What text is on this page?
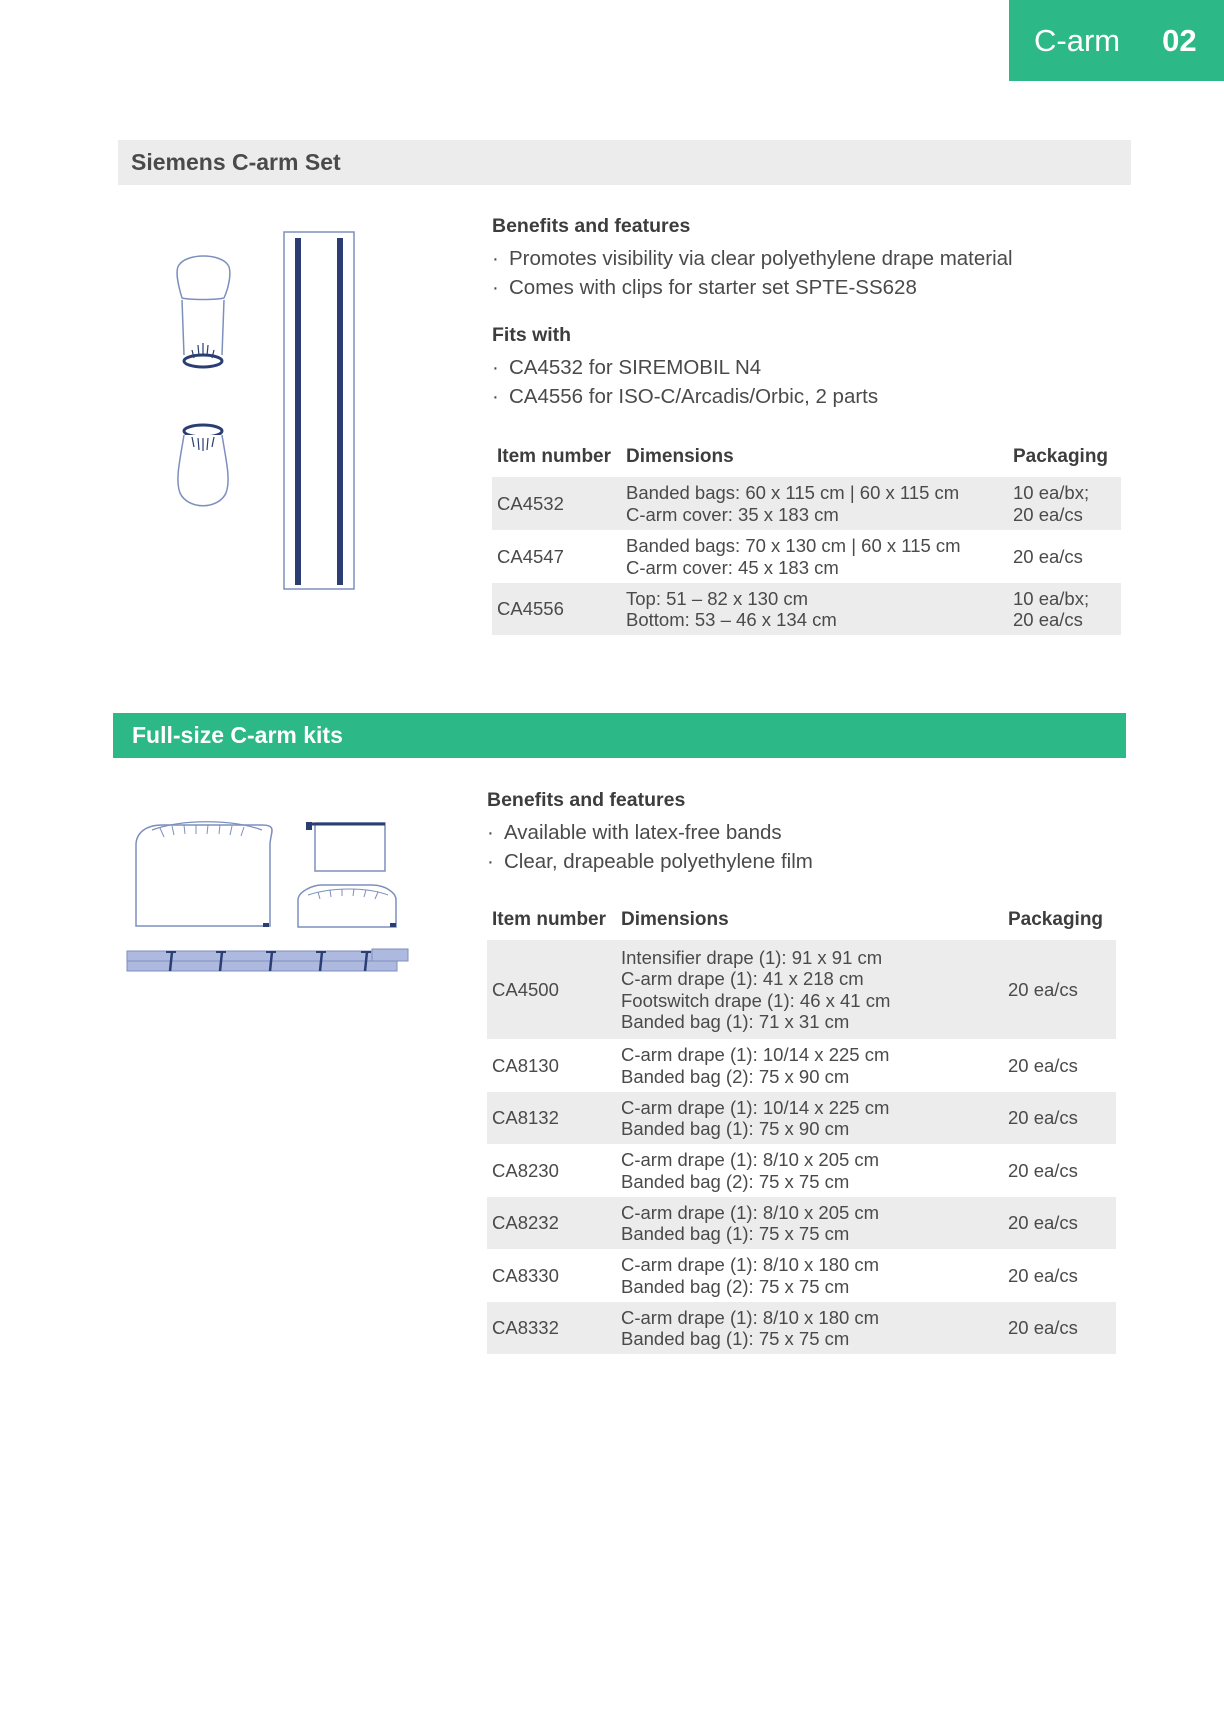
C-arm 02
Siemens C-arm Set
Benefits and features
· Promotes visibility via clear polyethylene drape material
· Comes with clips for starter set SPTE-SS628
Fits with
· CA4532 for SIREMOBIL N4
· CA4556 for ISO-C/Arcadis/Orbic, 2 parts
Item number	Dimensions	Packaging
CA4532	Banded bags: 60 x 115 cm | 60 x 115 cm
C-arm cover: 35 x 183 cm	10 ea/bx;
20 ea/cs

CA4547	Banded bags: 70 x 130 cm | 60 x 115 cm
C-arm cover: 45 x 183 cm	20 ea/cs

CA4556	Top: 51 – 82 x 130 cm
Bottom: 53 – 46 x 134 cm	10 ea/bx;
20 ea/cs
Full-size C-arm kits
Benefits and features
· Available with latex-free bands
· Clear, drapeable polyethylene film
Item number	Dimensions	Packaging
CA4500	Intensifier drape (1): 91 x 91 cm
C-arm drape (1): 41 x 218 cm
Footswitch drape (1): 46 x 41 cm
Banded bag (1): 71 x 31 cm	20 ea/cs

CA8130	C-arm drape (1): 10/14 x 225 cm
Banded bag (2): 75 x 90 cm	20 ea/cs

CA8132	C-arm drape (1): 10/14 x 225 cm
Banded bag (1): 75 x 90 cm	20 ea/cs

CA8230	C-arm drape (1): 8/10 x 205 cm
Banded bag (2): 75 x 75 cm	20 ea/cs

CA8232	C-arm drape (1): 8/10 x 205 cm
Banded bag (1): 75 x 75 cm	20 ea/cs

CA8330	C-arm drape (1): 8/10 x 180 cm
Banded bag (2): 75 x 75 cm	20 ea/cs

CA8332	C-arm drape (1): 8/10 x 180 cm
Banded bag (1): 75 x 75 cm	20 ea/cs
